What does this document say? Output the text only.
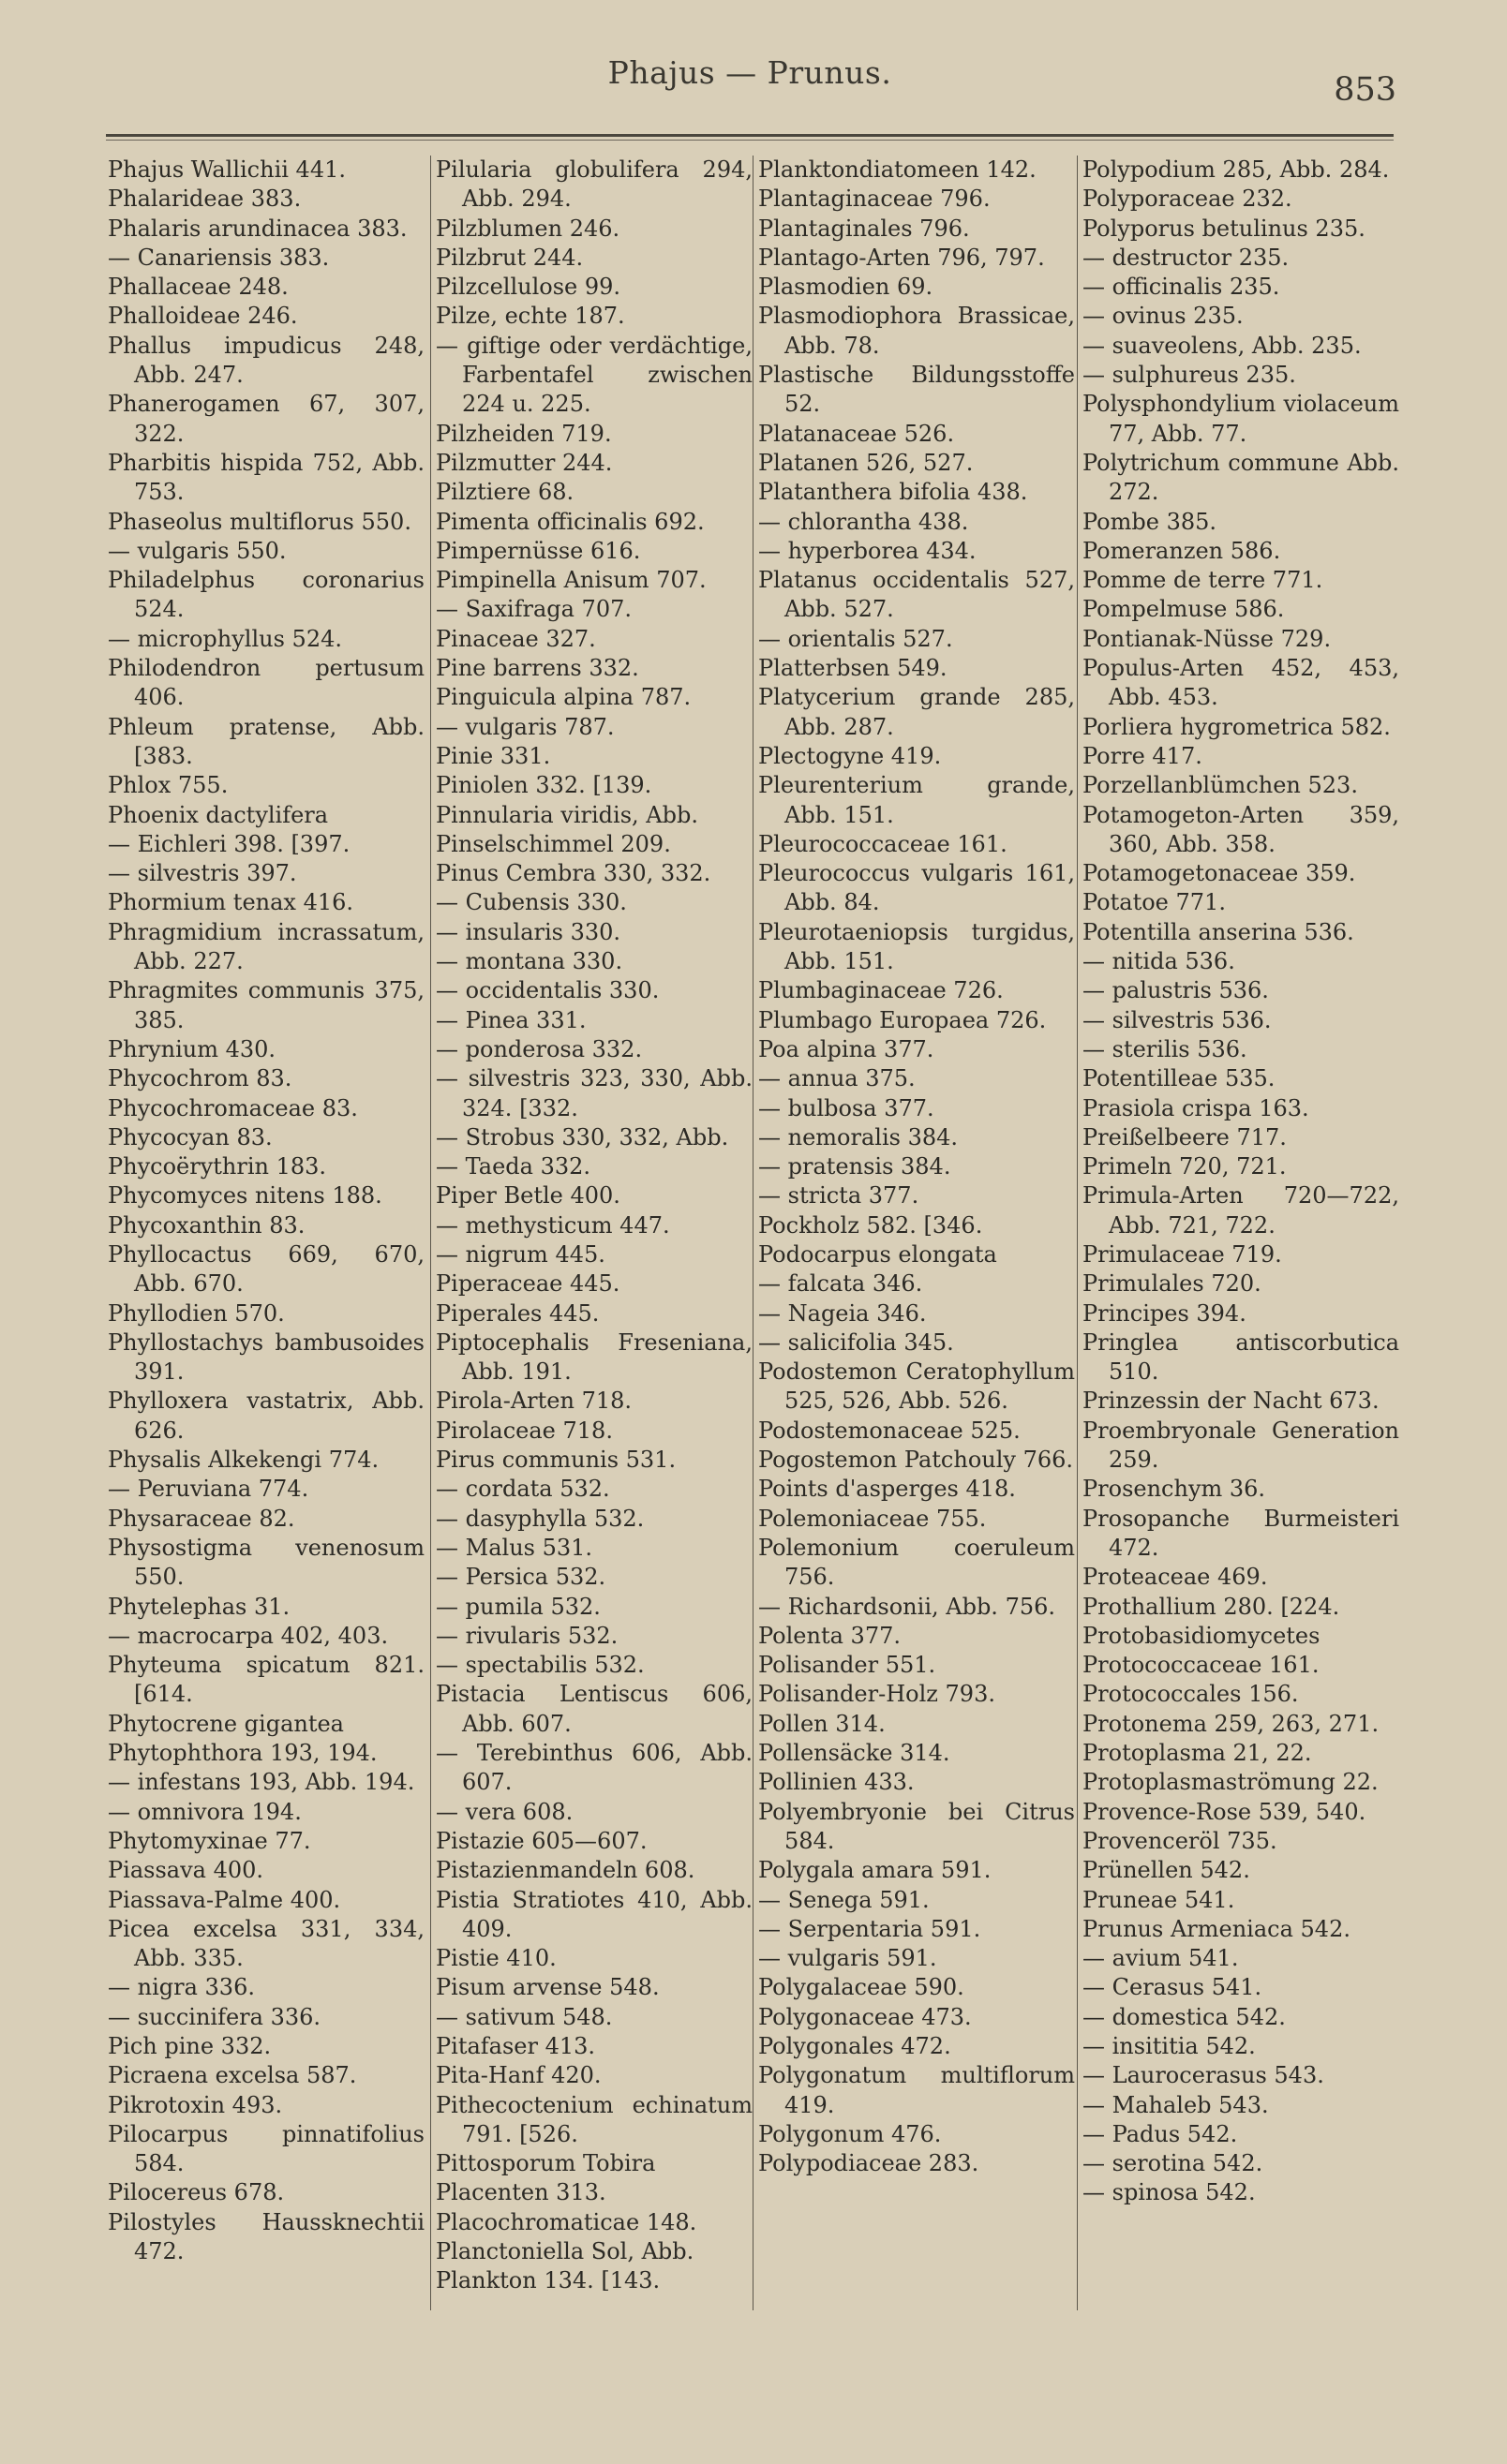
Phajus — Prunus.	853
Phajus Wallichii 441.
Phalarideae 383.
Phalaris arundinacea 383.
— Canariensis 383.
Phallaceae 248.
Phalloideae 246.
Phallus impudicus 248, Abb. 247.
Phanerogamen 67, 307, 322.
Pharbitis hispida 752, Abb. 753.
Phaseolus multiflorus 550.
— vulgaris 550.
Philadelphus coronarius 524.
— microphyllus 524.
Philodendron pertusum 406.
Phleum pratense, Abb. [383.
Phlox 755.
Phoenix dactylifera
— Eichleri 398. [397.
— silvestris 397.
Phormium tenax 416.
Phragmidium incrassatum, Abb. 227.
Phragmites communis 375, 385.
Phrynium 430.
Phycochrom 83.
Phycochromaceae 83.
Phycocyan 83.
Phycoërythrin 183.
Phycomyces nitens 188.
Phycoxanthin 83.
Phyllocactus 669, 670, Abb. 670.
Phyllodien 570.
Phyllostachys bambusoides 391.
Phylloxera vastatrix, Abb. 626.
Physalis Alkekengi 774.
— Peruviana 774.
Physaraceae 82.
Physostigma venenosum 550.
Phytelephas 31.
— macrocarpa 402, 403.
Phyteuma spicatum 821. [614.
Phytocrene gigantea
Phytophthora 193, 194.
— infestans 193, Abb. 194.
— omnivora 194.
Phytomyxinae 77.
Piassava 400.
Piassava-Palme 400.
Picea excelsa 331, 334, Abb. 335.
— nigra 336.
— succinifera 336.
Pich pine 332.
Picraena excelsa 587.
Pikrotoxin 493.
Pilocarpus pinnatifolius 584.
Pilocereus 678.
Pilostyles Haussknechtii 472.
Pilularia globulifera 294, Abb. 294.
Pilzblumen 246.
Pilzbrut 244.
Pilzcellulose 99.
Pilze, echte 187.
— giftige oder verdächtige, Farbentafel zwischen 224 u. 225.
Pilzheiden 719.
Pilzmutter 244.
Pilztiere 68.
Pimenta officinalis 692.
Pimpernüsse 616.
Pimpinella Anisum 707.
— Saxifraga 707.
Pinaceae 327.
Pine barrens 332.
Pinguicula alpina 787.
— vulgaris 787.
Pinie 331.
Piniolen 332. [139.
Pinnularia viridis, Abb.
Pinselschimmel 209.
Pinus Cembra 330, 332.
— Cubensis 330.
— insularis 330.
— montana 330.
— occidentalis 330.
— Pinea 331.
— ponderosa 332.
— silvestris 323, 330, Abb. 324. [332.
— Strobus 330, 332, Abb.
— Taeda 332.
Piper Betle 400.
— methysticum 447.
— nigrum 445.
Piperaceae 445.
Piperales 445.
Piptocephalis Freseniana, Abb. 191.
Pirola-Arten 718.
Pirolaceae 718.
Pirus communis 531.
— cordata 532.
— dasyphylla 532.
— Malus 531.
— Persica 532.
— pumila 532.
— rivularis 532.
— spectabilis 532.
Pistacia Lentiscus 606, Abb. 607.
— Terebinthus 606, Abb. 607.
— vera 608.
Pistazie 605—607.
Pistazienmandeln 608.
Pistia Stratiotes 410, Abb. 409.
Pistie 410.
Pisum arvense 548.
— sativum 548.
Pitafaser 413.
Pita-Hanf 420.
Pithecoctenium echinatum 791. [526.
Pittosporum Tobira
Placenten 313.
Placochromaticae 148.
Planctoniella Sol, Abb.
Plankton 134. [143.
Planktondiatomeen 142.
Plantaginaceae 796.
Plantaginales 796.
Plantago-Arten 796, 797.
Plasmodien 69.
Plasmodiophora Brassicae, Abb. 78.
Plastische Bildungsstoffe 52.
Platanaceae 526.
Platanen 526, 527.
Platanthera bifolia 438.
— chlorantha 438.
— hyperborea 434.
Platanus occidentalis 527, Abb. 527.
— orientalis 527.
Platterbsen 549.
Platycerium grande 285, Abb. 287.
Plectogyne 419.
Pleurenterium grande, Abb. 151.
Pleurococcaceae 161.
Pleurococcus vulgaris 161, Abb. 84.
Pleurotaeniopsis turgidus, Abb. 151.
Plumbaginaceae 726.
Plumbago Europaea 726.
Poa alpina 377.
— annua 375.
— bulbosa 377.
— nemoralis 384.
— pratensis 384.
— stricta 377.
Pockholz 582. [346.
Podocarpus elongata
— falcata 346.
— Nageia 346.
— salicifolia 345.
Podostemon Ceratophyllum 525, 526, Abb. 526.
Podostemonaceae 525.
Pogostemon Patchouly 766.
Points d'asperges 418.
Polemoniaceae 755.
Polemonium coeruleum 756.
— Richardsonii, Abb. 756.
Polenta 377.
Polisander 551.
Polisander-Holz 793.
Pollen 314.
Pollensäcke 314.
Pollinien 433.
Polyembryonie bei Citrus 584.
Polygala amara 591.
— Senega 591.
— Serpentaria 591.
— vulgaris 591.
Polygalaceae 590.
Polygonaceae 473.
Polygonales 472.
Polygonatum multiflorum 419.
Polygonum 476.
Polypodiaceae 283.
Polypodium 285, Abb. 284.
Polyporaceae 232.
Polyporus betulinus 235.
— destructor 235.
— officinalis 235.
— ovinus 235.
— suaveolens, Abb. 235.
— sulphureus 235.
Polysphondylium violaceum 77, Abb. 77.
Polytrichum commune Abb. 272.
Pombe 385.
Pomeranzen 586.
Pomme de terre 771.
Pompelmuse 586.
Pontianak-Nüsse 729.
Populus-Arten 452, 453, Abb. 453.
Porliera hygrometrica 582.
Porre 417.
Porzellanblümchen 523.
Potamogeton-Arten 359, 360, Abb. 358.
Potamogetonaceae 359.
Potatoe 771.
Potentilla anserina 536.
— nitida 536.
— palustris 536.
— silvestris 536.
— sterilis 536.
Potentilleae 535.
Prasiola crispa 163.
Preißelbeere 717.
Primeln 720, 721.
Primula-Arten 720—722, Abb. 721, 722.
Primulaceae 719.
Primulales 720.
Principes 394.
Pringlea antiscorbutica 510.
Prinzessin der Nacht 673.
Proembryonale Generation 259.
Prosenchym 36.
Prosopanche Burmeisteri 472.
Proteaceae 469.
Prothallium 280. [224.
Protobasidiomycetes
Protococcaceae 161.
Protococcales 156.
Protonema 259, 263, 271.
Protoplasma 21, 22.
Protoplasmaströmung 22.
Provence-Rose 539, 540.
Provenceröl 735.
Prünellen 542.
Pruneae 541.
Prunus Armeniaca 542.
— avium 541.
— Cerasus 541.
— domestica 542.
— insititia 542.
— Laurocerasus 543.
— Mahaleb 543.
— Padus 542.
— serotina 542.
— spinosa 542.
